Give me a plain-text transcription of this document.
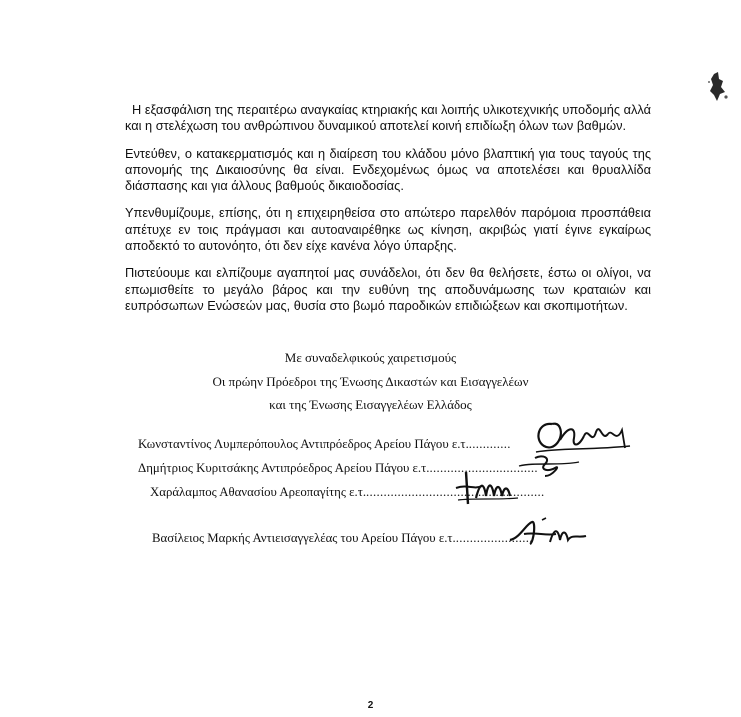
Η εξασφάλιση της περαιτέρω αναγκαίας κτηριακής και λοιπής υλικοτεχνικής υποδομής αλλά και η στελέχωση του ανθρώπινου δυναμικού αποτελεί κοινή επιδίωξη όλων των βαθμών.

Εντεύθεν, ο κατακερματισμός και η διαίρεση του κλάδου μόνο βλαπτική για τους ταγούς της απονομής της Δικαιοσύνης θα είναι. Ενδεχομένως όμως να αποτελέσει και θρυαλλίδα διάσπασης και για άλλους βαθμούς δικαιοδοσίας.

Υπενθυμίζουμε, επίσης, ότι η επιχειρηθείσα στο απώτερο παρελθόν παρόμοια προσπάθεια απέτυχε εν τοις πράγμασι και αυτοαναιρέθηκε ως κίνηση, ακριβώς γιατί έγινε εγκαίρως αποδεκτό το αυτονόητο, ότι δεν είχε κανένα λόγο ύπαρξης.

Πιστεύουμε και ελπίζουμε αγαπητοί μας συνάδελοι, ότι δεν θα θελήσετε, έστω οι ολίγοι, να επωμισθείτε το μεγάλο βάρος και την ευθύνη της αποδυνάμωσης των κραταιών και ευπρόσωπων Ενώσεών μας, θυσία στο βωμό παροδικών επιδιώξεων και σκοπιμοτήτων.

Με συναδελφικούς χαιρετισμούς
Οι πρώην Πρόεδροι της Ένωσης Δικαστών και Εισαγγελέων
και της Ένωσης Εισαγγελέων Ελλάδος
Κωνσταντίνος Λυμπερόπουλος Αντιπρόεδρος Αρείου Πάγου ε.τ.............
Δημήτριος Κυριτσάκης Αντιπρόεδρος Αρείου Πάγου ε.τ................................
Χαράλαμπος Αθανασίου Αρεοπαγίτης ε.τ....................................................
Βασίλειος Μαρκής Αντιεισαγγελέας του Αρείου Πάγου ε.τ.......................
2
